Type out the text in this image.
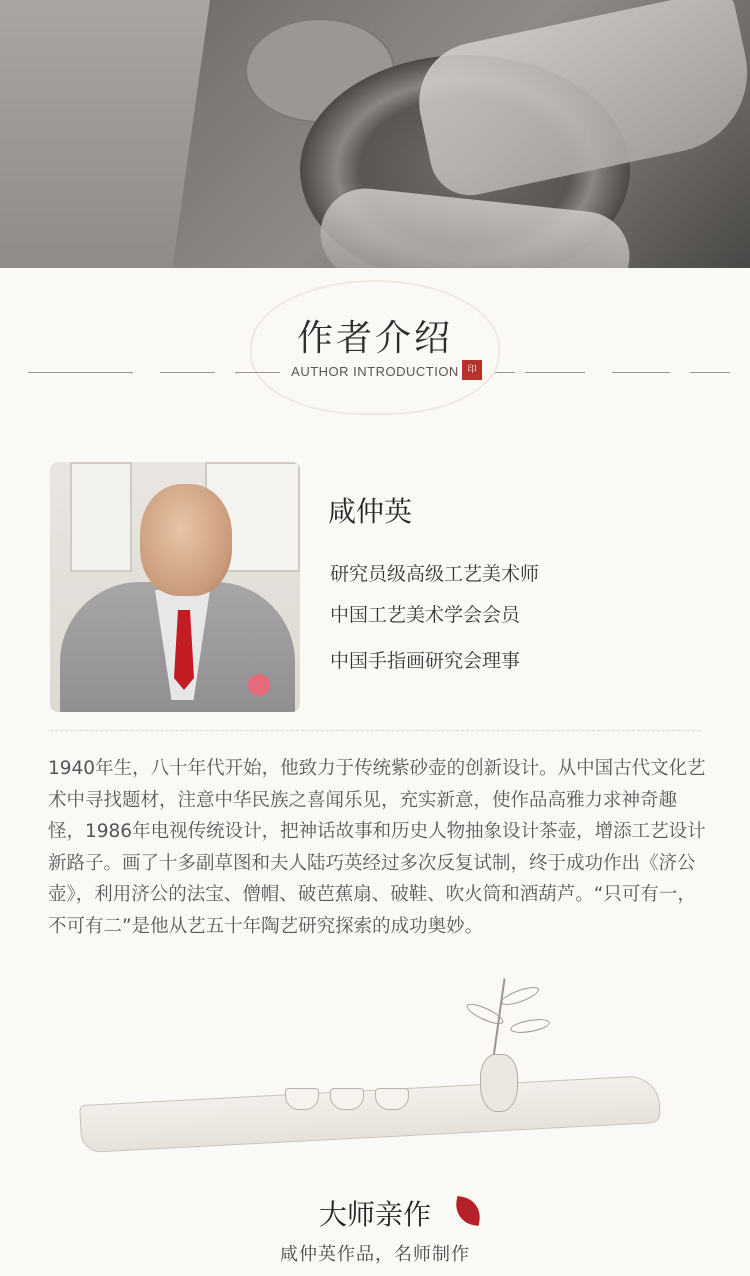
作者介绍
AUTHOR INTRODUCTION 印
咸仲英
研究员级高级工艺美术师
中国工艺美术学会会员
中国手指画研究会理事
1940年生，八十年代开始，他致力于传统紫砂壶的创新设计。从中国古代文化艺术中寻找题材，注意中华民族之喜闻乐见，充实新意，使作品高雅力求神奇趣怪，1986年电视传统设计，把神话故事和历史人物抽象设计茶壶，增添工艺设计新路子。画了十多副草图和夫人陆巧英经过多次反复试制，终于成功作出《济公壶》，利用济公的法宝、僧帽、破芭蕉扇、破鞋、吹火筒和酒葫芦。“只可有一，不可有二”是他从艺五十年陶艺研究探索的成功奥妙。
大师亲作
咸仲英作品，名师制作
